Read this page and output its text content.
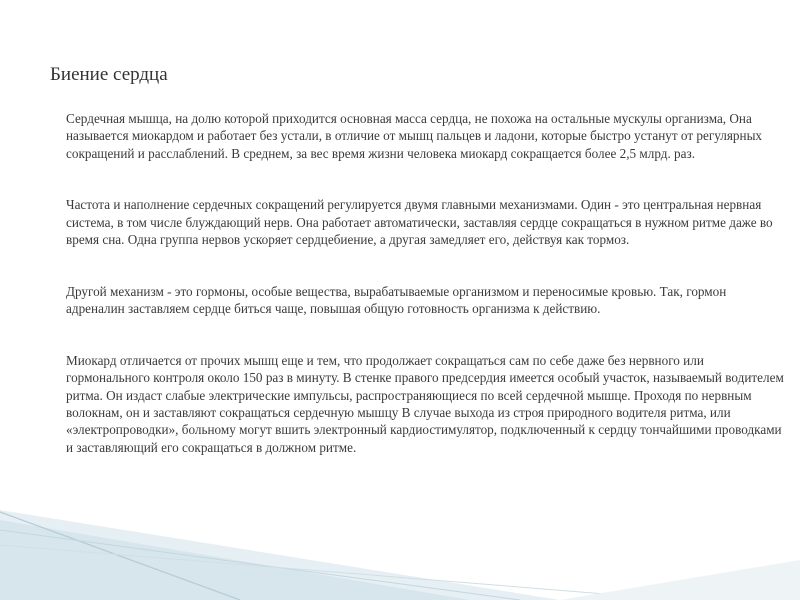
Биение сердца

Сердечная мышца, на долю которой приходится основная масса сердца, не похожа на остальные мускулы организма, Она называется миокардом и работает без устали, в отличие от мышц пальцев и ладони, которые быстро устанут от регулярных сокращений и расслаблений. В среднем, за вес время жизни человека миокард сокращается более 2,5 млрд. раз.

Частота и наполнение сердечных сокращений регулируется двумя главными механизмами. Один - это центральная нервная система, в том числе блуждающий нерв. Она работает автоматически, заставляя сердце сокращаться в нужном ритме даже во время сна. Одна группа нервов ускоряет сердцебиение, а другая замедляет его, действуя как тормоз.

Другой механизм - это гормоны, особые вещества, вырабатываемые организмом и переносимые кровью. Так, гормон адреналин заставляем сердце биться чаще, повышая общую готовность организма к действию.

Миокард отличается от прочих мышц еще и тем, что продолжает сокращаться сам по себе даже без нервного или гормонального контроля около 150 раз в минуту. В стенке правого предсердия имеется особый участок, называемый водителем ритма. Он издаст слабые электрические импульсы, распространяющиеся по всей сердечной мышце. Проходя по нервным волокнам, он и заставляют сокращаться сердечную мышцу В случае выхода из строя природного водителя ритма, или «электропроводки», больному могут вшить электронный кардиостимулятор, подключенный к сердцу тончайшими проводками и заставляющий его сокращаться в должном ритме.
